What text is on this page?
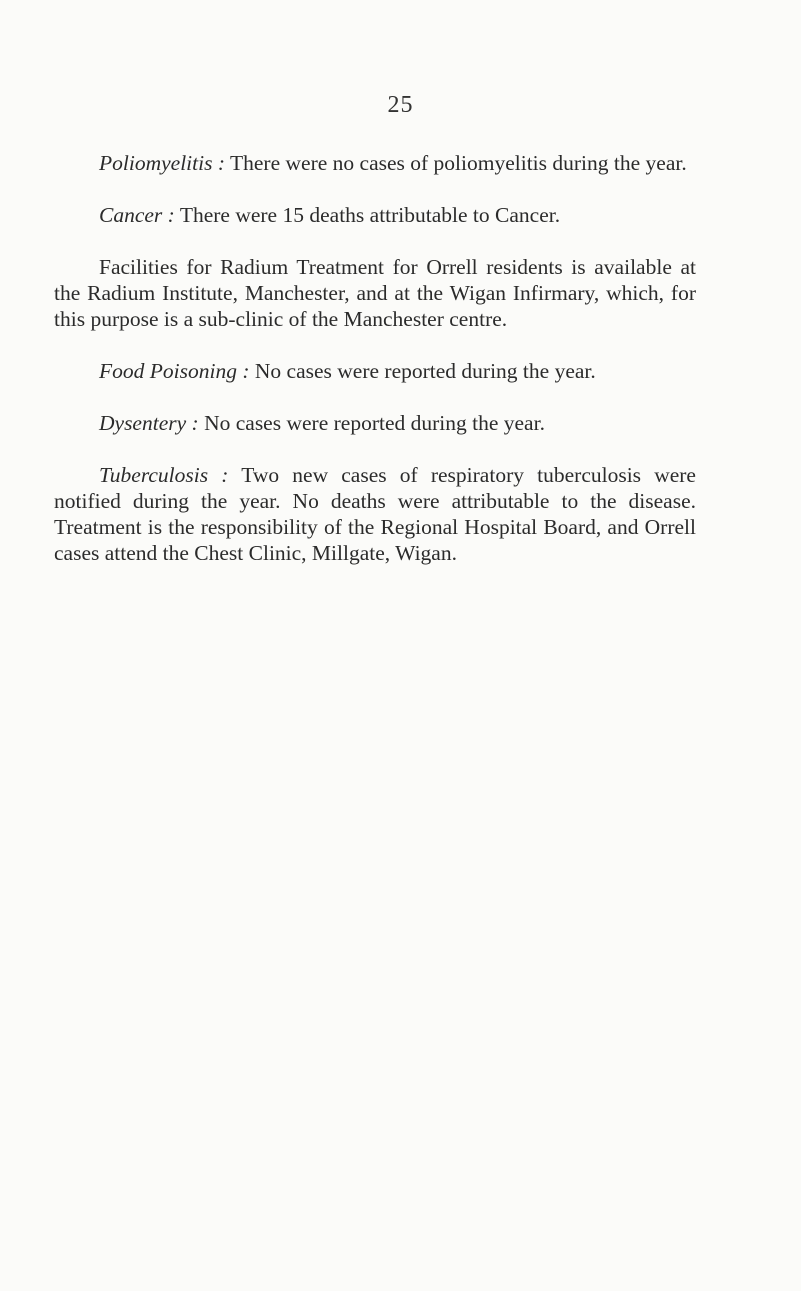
25

Poliomyelitis : There were no cases of poliomyelitis during the year.

Cancer : There were 15 deaths attributable to Cancer.

Facilities for Radium Treatment for Orrell residents is available at the Radium Institute, Manchester, and at the Wigan Infirmary, which, for this purpose is a sub-clinic of the Manchester centre.

Food Poisoning : No cases were reported during the year.

Dysentery : No cases were reported during the year.

Tuberculosis : Two new cases of respiratory tuberculosis were notified during the year. No deaths were attributable to the disease. Treatment is the responsibility of the Regional Hospital Board, and Orrell cases attend the Chest Clinic, Millgate, Wigan.
